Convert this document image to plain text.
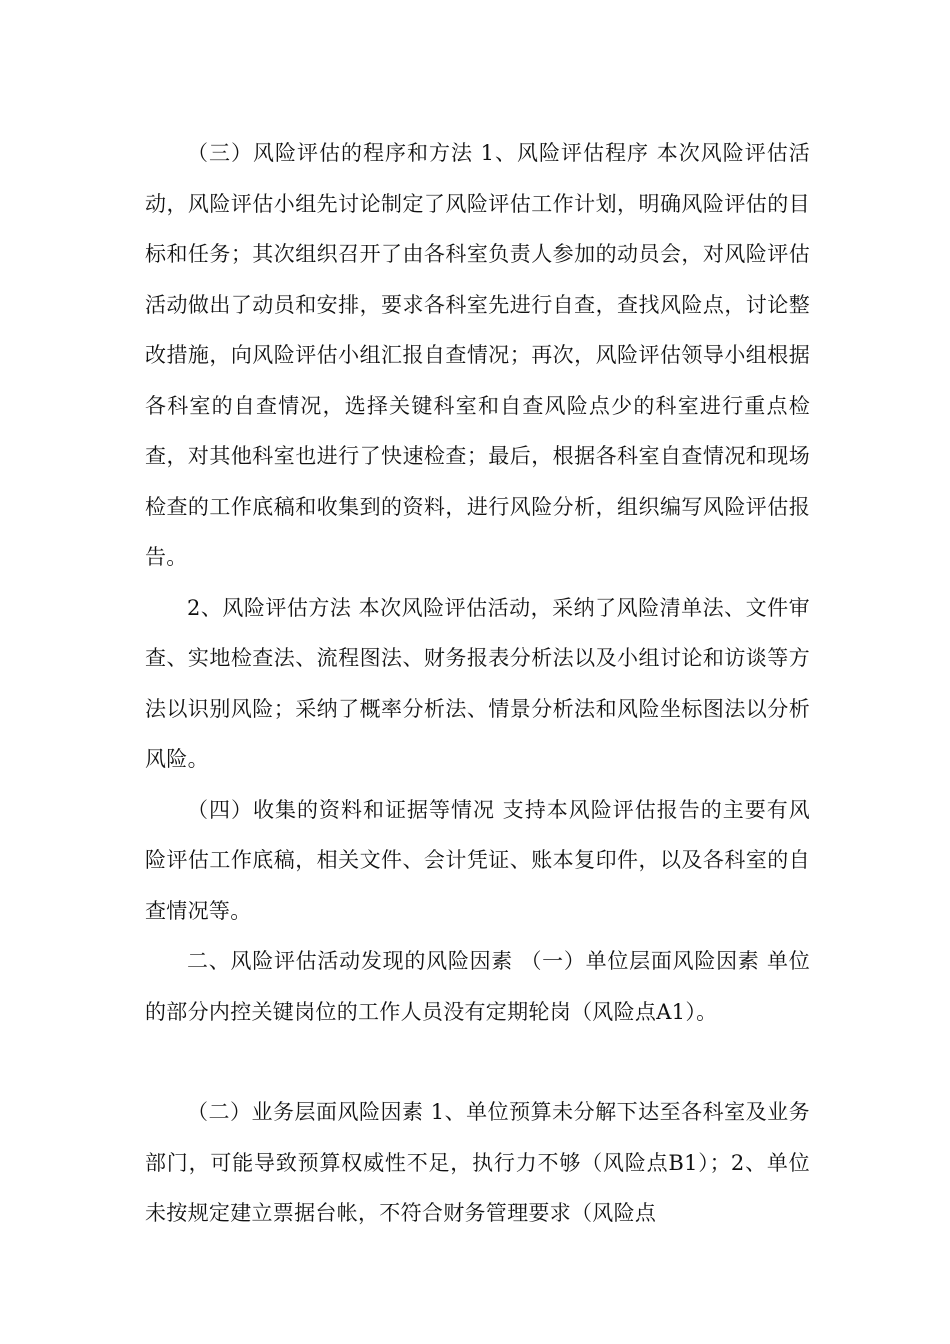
（三）风险评估的程序和方法 1、风险评估程序 本次风险评估活动，风险评估小组先讨论制定了风险评估工作计划，明确风险评估的目标和任务；其次组织召开了由各科室负责人参加的动员会，对风险评估活动做出了动员和安排，要求各科室先进行自查，查找风险点，讨论整改措施，向风险评估小组汇报自查情况；再次，风险评估领导小组根据各科室的自查情况，选择关键科室和自查风险点少的科室进行重点检查，对其他科室也进行了快速检查；最后，根据各科室自查情况和现场检查的工作底稿和收集到的资料，进行风险分析，组织编写风险评估报告。

2、风险评估方法 本次风险评估活动，采纳了风险清单法、文件审查、实地检查法、流程图法、财务报表分析法以及小组讨论和访谈等方法以识别风险；采纳了概率分析法、情景分析法和风险坐标图法以分析风险。

（四）收集的资料和证据等情况 支持本风险评估报告的主要有风险评估工作底稿，相关文件、会计凭证、账本复印件，以及各科室的自查情况等。

二、风险评估活动发现的风险因素 （一）单位层面风险因素 单位的部分内控关键岗位的工作人员没有定期轮岗（风险点A1）。

（二）业务层面风险因素 1、单位预算未分解下达至各科室及业务部门，可能导致预算权威性不足，执行力不够（风险点B1）；2、单位未按规定建立票据台帐，不符合财务管理要求（风险点
